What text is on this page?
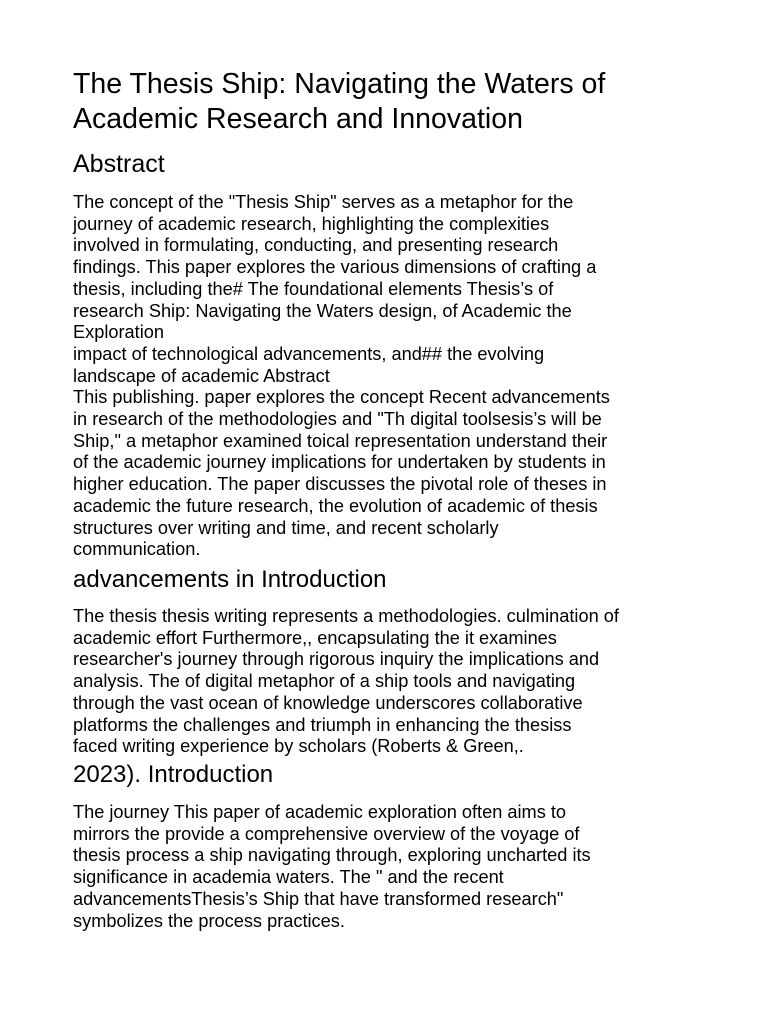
The Thesis Ship: Navigating the Waters of
Academic Research and Innovation
Abstract

The concept of the "Thesis Ship" serves as a metaphor for the
journey of academic research, highlighting the complexities
involved in formulating, conducting, and presenting research
findings. This paper explores the various dimensions of crafting a
thesis, including the# The foundational elements Thesis’s of
research Ship: Navigating the Waters design, of Academic the
Exploration
impact of technological advancements, and## the evolving
landscape of academic Abstract
This publishing. paper explores the concept Recent advancements
in research of the methodologies and "Th digital toolsesis’s will be
Ship," a metaphor examined toical representation understand their
of the academic journey implications for undertaken by students in
higher education. The paper discusses the pivotal role of theses in
academic the future research, the evolution of academic of thesis
structures over writing and time, and recent scholarly
communication.

advancements in Introduction

The thesis thesis writing represents a methodologies. culmination of
academic effort Furthermore,, encapsulating the it examines
researcher's journey through rigorous inquiry the implications and
analysis. The of digital metaphor of a ship tools and navigating
through the vast ocean of knowledge underscores collaborative
platforms the challenges and triumph in enhancing the thesiss
faced writing experience by scholars (Roberts & Green,.

2023). Introduction

The journey This paper of academic exploration often aims to
mirrors the provide a comprehensive overview of the voyage of
thesis process a ship navigating through, exploring uncharted its
significance in academia waters. The " and the recent
advancementsThesis’s Ship that have transformed research"
symbolizes the process practices.
